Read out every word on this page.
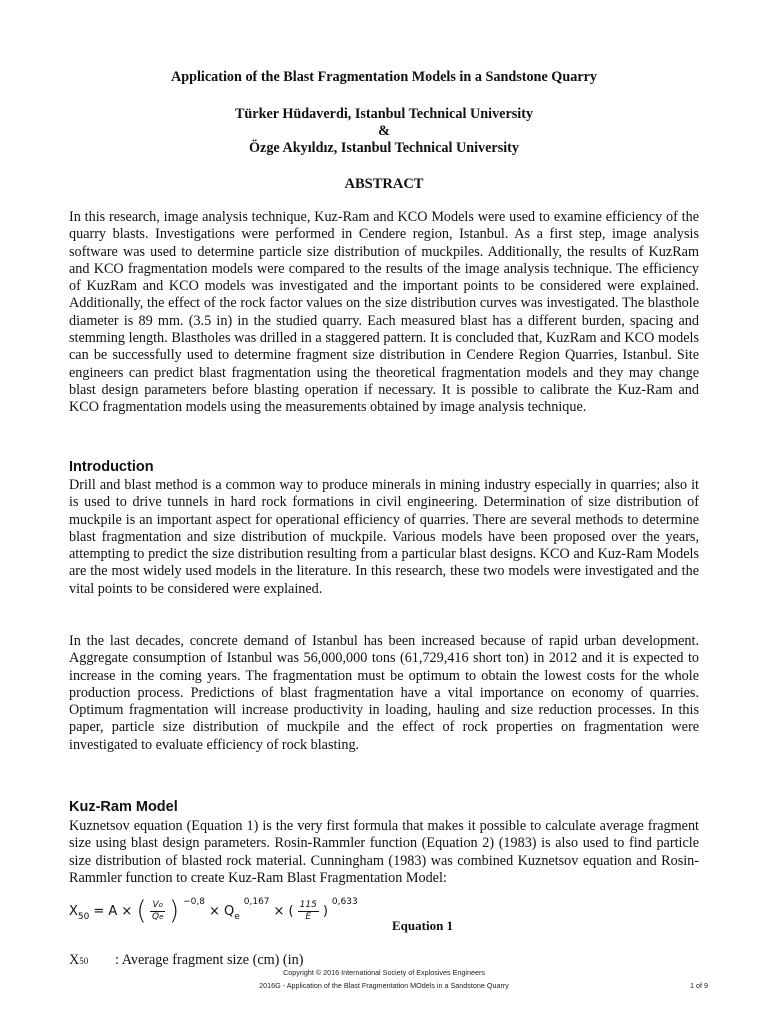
Application of the Blast Fragmentation Models in a Sandstone Quarry
Türker Hüdaverdi, Istanbul Technical University
&
Özge Akyıldız, Istanbul Technical University
ABSTRACT

In this research, image analysis technique, Kuz-Ram and KCO Models were used to examine efficiency of the quarry blasts. Investigations were performed in Cendere region, Istanbul. As a first step, image analysis software was used to determine particle size distribution of muckpiles. Additionally, the results of KuzRam and KCO fragmentation models were compared to the results of the image analysis technique. The efficiency of KuzRam and KCO models was investigated and the important points to be considered were explained. Additionally, the effect of the rock factor values on the size distribution curves was investigated. The blasthole diameter is 89 mm. (3.5 in) in the studied quarry. Each measured blast has a different burden, spacing and stemming length. Blastholes was drilled in a staggered pattern. It is concluded that, KuzRam and KCO models can be successfully used to determine fragment size distribution in Cendere Region Quarries, Istanbul. Site engineers can predict blast fragmentation using the theoretical fragmentation models and they may change blast design parameters before blasting operation if necessary. It is possible to calibrate the Kuz-Ram and KCO fragmentation models using the measurements obtained by image analysis technique.

Introduction

Drill and blast method is a common way to produce minerals in mining industry especially in quarries; also it is used to drive tunnels in hard rock formations in civil engineering. Determination of size distribution of muckpile is an important aspect for operational efficiency of quarries. There are several methods to determine blast fragmentation and size distribution of muckpile. Various models have been proposed over the years, attempting to predict the size distribution resulting from a particular blast designs. KCO and Kuz-Ram Models are the most widely used models in the literature. In this research, these two models were investigated and the vital points to be considered were explained.

In the last decades, concrete demand of Istanbul has been increased because of rapid urban development. Aggregate consumption of Istanbul was 56,000,000 tons (61,729,416 short ton) in 2012 and it is expected to increase in the coming years. The fragmentation must be optimum to obtain the lowest costs for the whole production process. Predictions of blast fragmentation have a vital importance on economy of quarries. Optimum fragmentation will increase productivity in loading, hauling and size reduction processes. In this paper, particle size distribution of muckpile and the effect of rock properties on fragmentation were investigated to evaluate efficiency of rock blasting.

Kuz-Ram Model

Kuznetsov equation (Equation 1) is the very first formula that makes it possible to calculate average fragment size using blast design parameters. Rosin-Rammler function (Equation 2) (1983) is also used to find particle size distribution of blasted rock material. Cunningham (1983) was combined Kuznetsov equation and Rosin-Rammler function to create Kuz-Ram Blast Fragmentation Model:

$X_{50} = A$ × ( $\frac{Vo}{Qe}$ ) −0,8
× $Q_e$
0,167
× ( $\frac{115}{E}$ )
0,633
Equation 1
X50 : Average fragment size (cm) (in)
Copyright © 2016 International Society of Explosives Engineers
2016G - Application of the Blast Fragmentation MOdels in a Sandstone Quarry	1 of 9
